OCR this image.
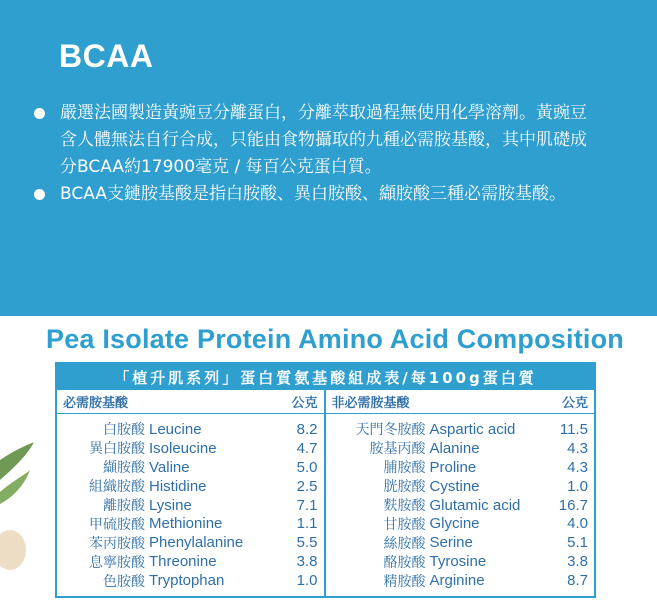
BCAA
嚴選法國製造黃豌豆分離蛋白，分離萃取過程無使用化學溶劑。黃豌豆含人體無法自行合成，只能由食物攝取的九種必需胺基酸，其中肌礎成分BCAA約17900毫克 / 每百公克蛋白質。
BCAA支鏈胺基酸是指白胺酸、異白胺酸、纈胺酸三種必需胺基酸。
Pea Isolate Protein Amino Acid Composition
「植升肌系列」蛋白質氨基酸組成表/每100g蛋白質
必需胺基酸	公克
白胺酸 Leucine	8.2
異白胺酸 Isoleucine	4.7
纈胺酸 Valine	5.0
組織胺酸 Histidine	2.5
離胺酸 Lysine	7.1
甲硫胺酸 Methionine	1.1
苯丙胺酸 Phenylalanine	5.5
息寧胺酸 Threonine	3.8
色胺酸 Tryptophan	1.0
非必需胺基酸	公克
天門冬胺酸 Aspartic acid	11.5
胺基丙酸 Alanine	4.3
脯胺酸 Proline	4.3
胱胺酸 Cystine	1.0
麩胺酸 Glutamic acid	16.7
甘胺酸 Glycine	4.0
絲胺酸 Serine	5.1
酪胺酸 Tyrosine	3.8
精胺酸 Arginine	8.7
